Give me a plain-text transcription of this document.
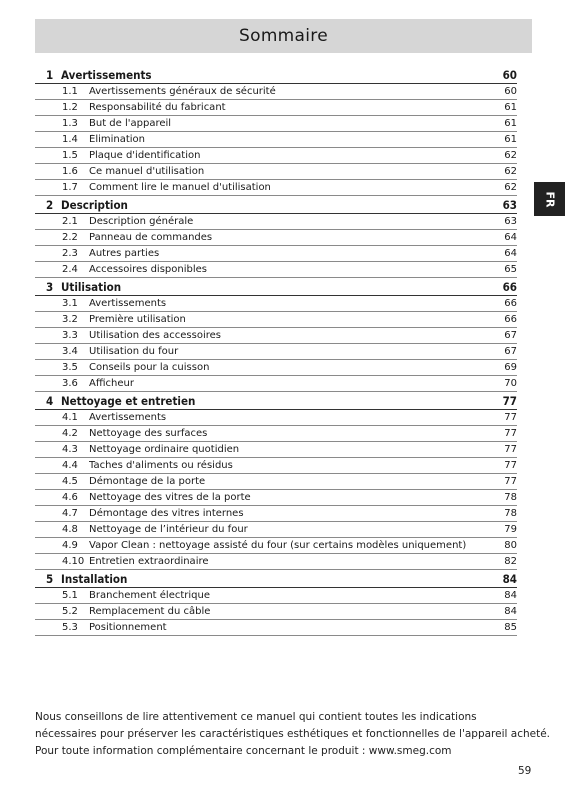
Sommaire
FR
1 Avertissements	60
1.1	Avertissements généraux de sécurité	60
1.2	Responsabilité du fabricant	61
1.3	But de l'appareil	61
1.4	Élimination	61
1.5	Plaque d'identification	62
1.6	Ce manuel d'utilisation	62
1.7	Comment lire le manuel d'utilisation	62
2 Description	63
2.1	Description générale	63
2.2	Panneau de commandes	64
2.3	Autres parties	64
2.4	Accessoires disponibles	65
3 Utilisation	66
3.1	Avertissements	66
3.2	Première utilisation	66
3.3	Utilisation des accessoires	67
3.4	Utilisation du four	67
3.5	Conseils pour la cuisson	69
3.6	Afficheur	70
4 Nettoyage et entretien	77
4.1	Avertissements	77
4.2	Nettoyage des surfaces	77
4.3	Nettoyage ordinaire quotidien	77
4.4	Taches d'aliments ou résidus	77
4.5	Démontage de la porte	77
4.6	Nettoyage des vitres de la porte	78
4.7	Démontage des vitres internes	78
4.8	Nettoyage de l’intérieur du four	79
4.9	Vapor Clean : nettoyage assisté du four (sur certains modèles uniquement)	80
4.10 Entretien extraordinaire	82
5 Installation	84
5.1	Branchement électrique	84
5.2	Remplacement du câble	84
5.3	Positionnement	85
Nous conseillons de lire attentivement ce manuel qui contient toutes les indications
nécessaires pour préserver les caractéristiques esthétiques et fonctionnelles de l'appareil acheté.
Pour toute information complémentaire concernant le produit : www.smeg.com
59
